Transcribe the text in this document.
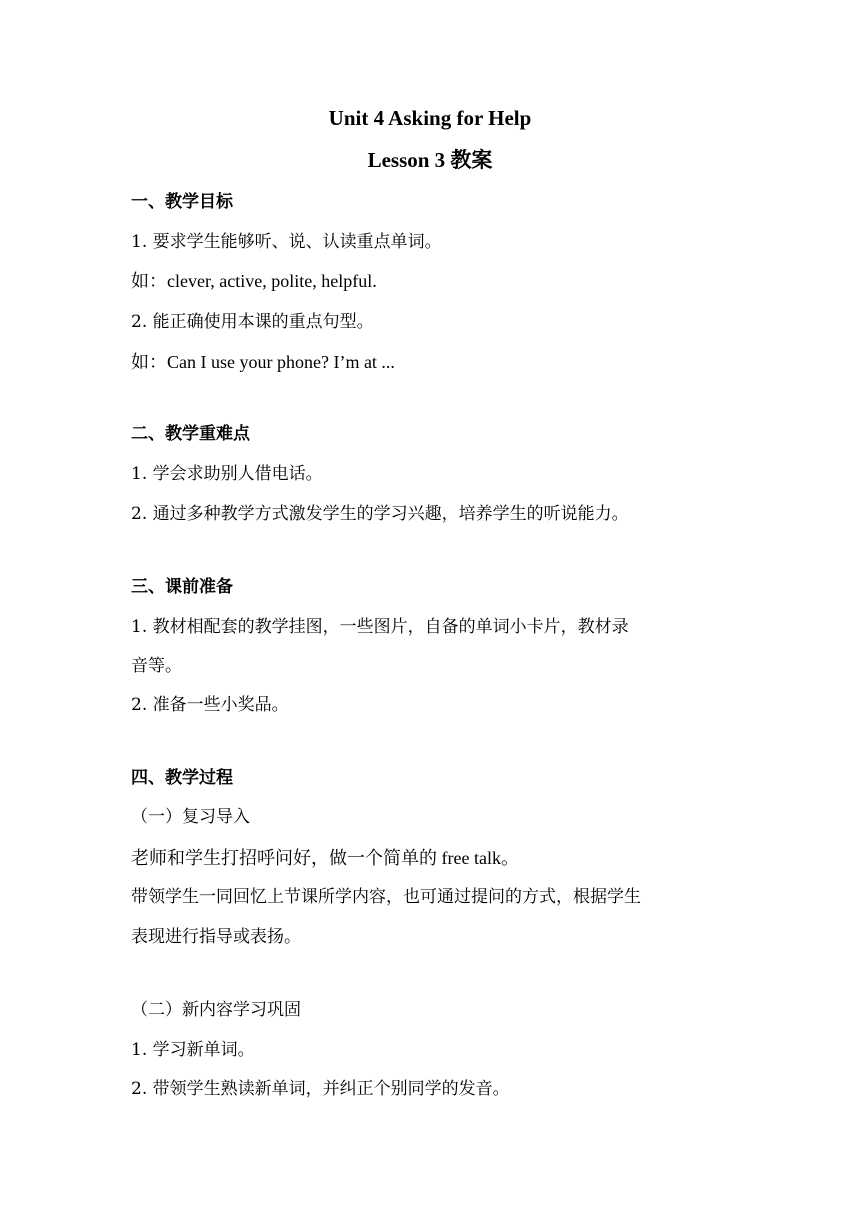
Unit 4 Asking for Help
Lesson 3 教案
一、教学目标
1. 要求学生能够听、说、认读重点单词。
如：clever, active, polite, helpful.
2. 能正确使用本课的重点句型。
如：Can I use your phone? I’m at ...
二、教学重难点
1. 学会求助别人借电话。
2. 通过多种教学方式激发学生的学习兴趣，培养学生的听说能力。
三、课前准备
1. 教材相配套的教学挂图，一些图片，自备的单词小卡片，教材录
音等。
2. 准备一些小奖品。
四、教学过程
（一）复习导入
老师和学生打招呼问好，做一个简单的 free talk。
带领学生一同回忆上节课所学内容，也可通过提问的方式，根据学生
表现进行指导或表扬。
（二）新内容学习巩固
1. 学习新单词。
2. 带领学生熟读新单词，并纠正个别同学的发音。
